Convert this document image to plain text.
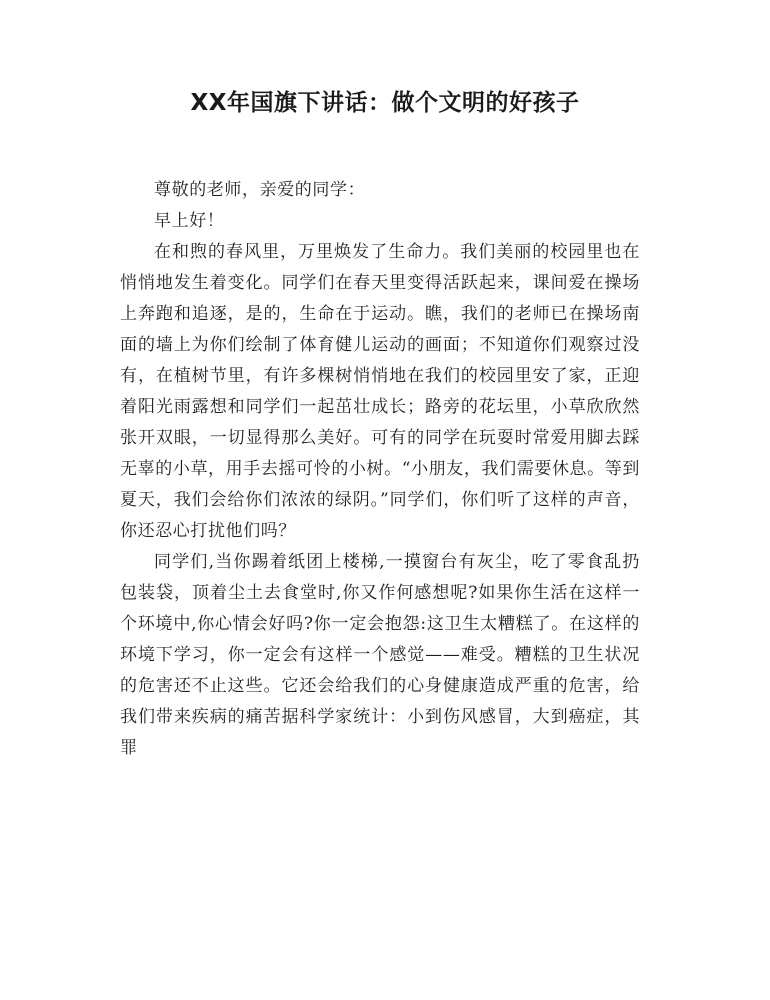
XX年国旗下讲话：做个文明的好孩子

尊敬的老师，亲爱的同学：

早上好！

在和煦的春风里，万里焕发了生命力。我们美丽的校园里也在悄悄地发生着变化。同学们在春天里变得活跃起来，课间爱在操场上奔跑和追逐，是的，生命在于运动。瞧，我们的老师已在操场南面的墙上为你们绘制了体育健儿运动的画面；不知道你们观察过没有，在植树节里，有许多棵树悄悄地在我们的校园里安了家，正迎着阳光雨露想和同学们一起茁壮成长；路旁的花坛里，小草欣欣然张开双眼，一切显得那么美好。可有的同学在玩耍时常爱用脚去踩无辜的小草，用手去摇可怜的小树。“小朋友，我们需要休息。等到夏天，我们会给你们浓浓的绿阴。”同学们，你们听了这样的声音，你还忍心打扰他们吗？

同学们,当你踢着纸团上楼梯,一摸窗台有灰尘，吃了零食乱扔包装袋，顶着尘土去食堂时,你又作何感想呢?如果你生活在这样一个环境中,你心情会好吗?你一定会抱怨:这卫生太糟糕了。在这样的环境下学习，你一定会有这样一个感觉——难受。糟糕的卫生状况的危害还不止这些。它还会给我们的心身健康造成严重的危害，给我们带来疾病的痛苦据科学家统计：小到伤风感冒，大到癌症，其罪
